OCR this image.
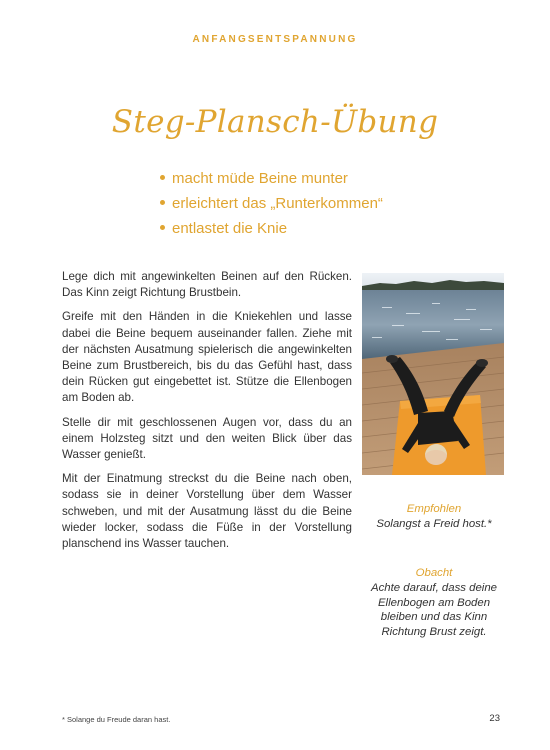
ANFANGSENTSPANNUNG
Steg-Plansch-Übung
macht müde Beine munter
erleichtert das „Runterkommen“
entlastet die Knie

Lege dich mit angewinkelten Beinen auf den Rücken. Das Kinn zeigt Richtung Brustbein.

Greife mit den Händen in die Kniekehlen und lasse dabei die Beine bequem auseinander fallen. Ziehe mit der nächsten Ausatmung spielerisch die angewinkelten Beine zum Brustbereich, bis du das Gefühl hast, dass dein Rücken gut eingebettet ist. Stütze die Ellenbogen am Boden ab.

Stelle dir mit geschlossenen Augen vor, dass du an einem Holzsteg sitzt und den weiten Blick über das Wasser genießt.

Mit der Einatmung streckst du die Beine nach oben, sodass sie in deiner Vorstellung über dem Wasser schweben, und mit der Ausatmung lässt du die Beine wieder locker, sodass die Füße in der Vorstellung planschend ins Wasser tauchen.

Empfohlen
Solangst a Freid host.*
Obacht
Achte darauf, dass deine Ellenbogen am Boden bleiben und das Kinn Richtung Brust zeigt.
* Solange du Freude daran hast.	23
